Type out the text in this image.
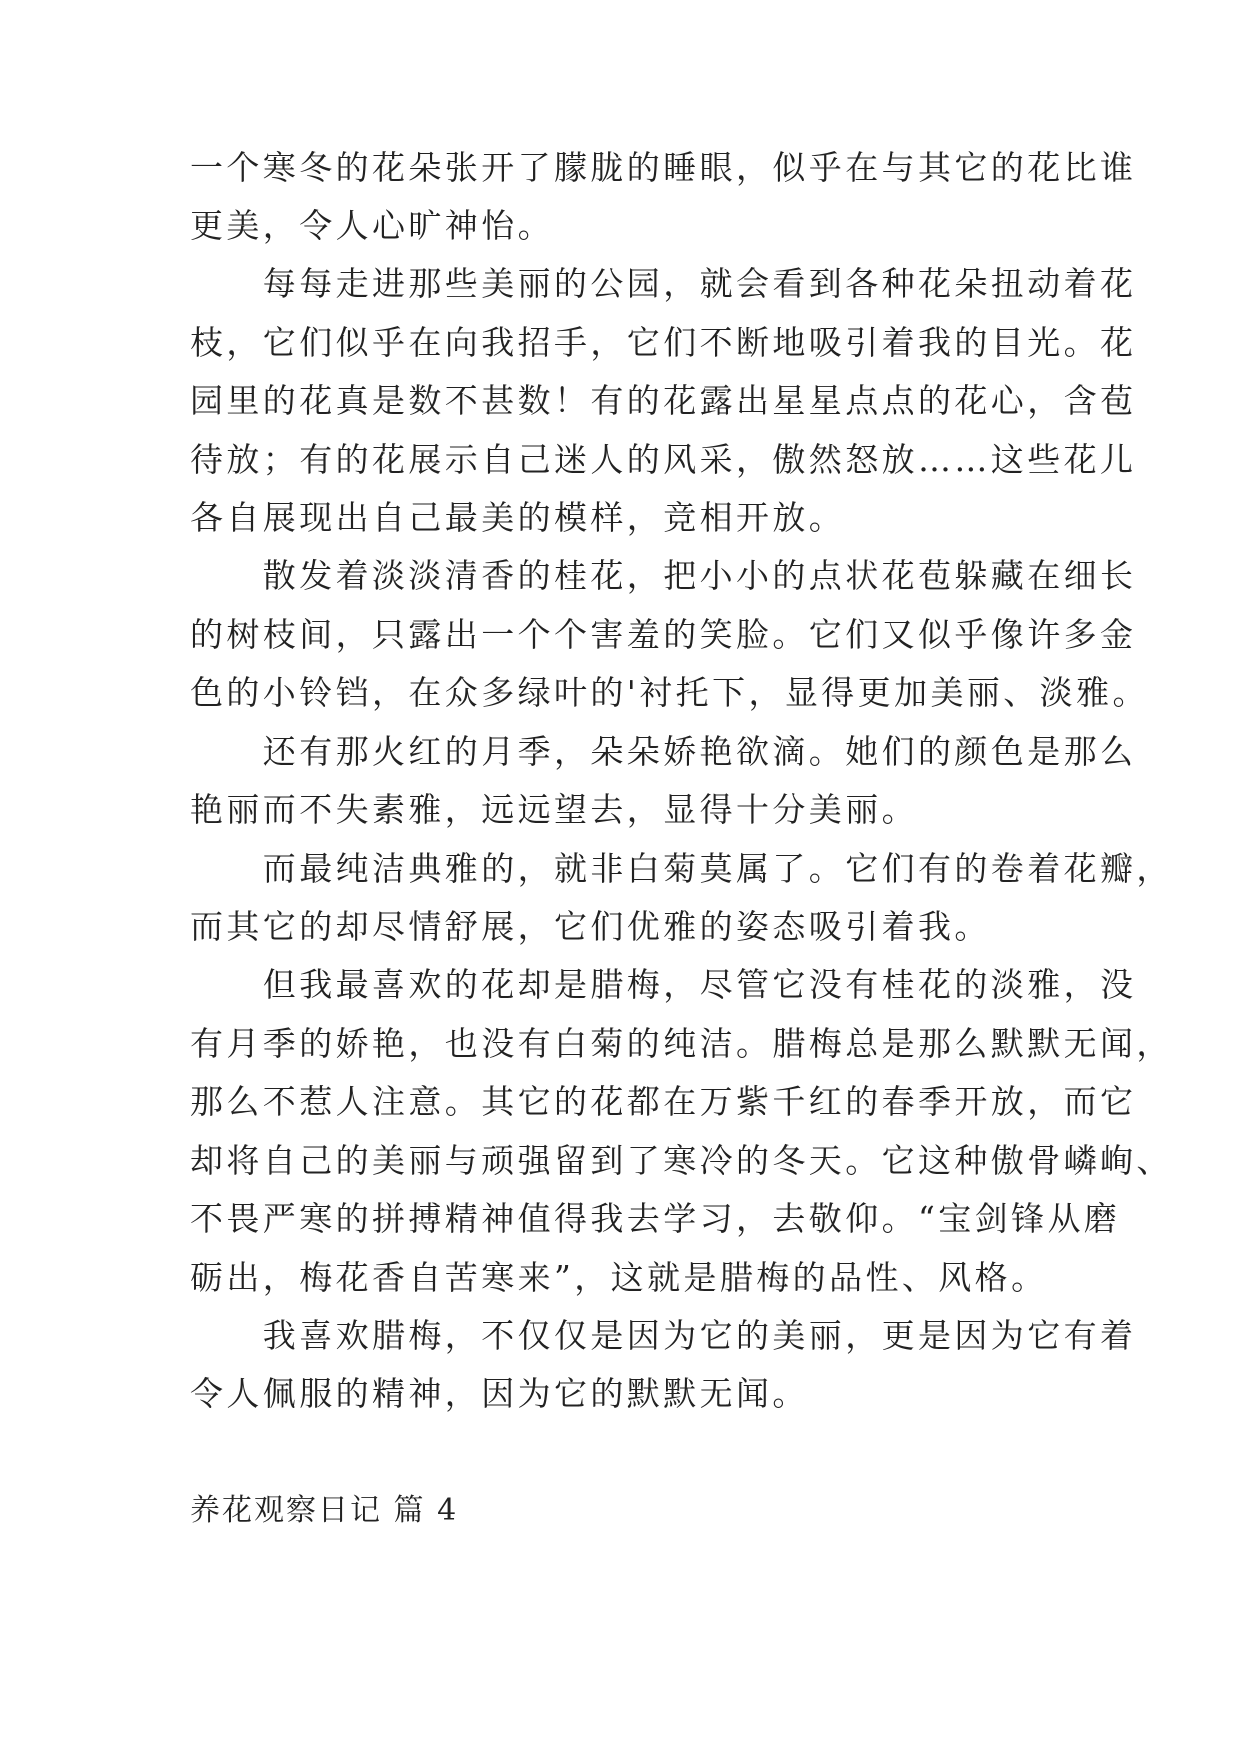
一个寒冬的花朵张开了朦胧的睡眼，似乎在与其它的花比谁
更美，令人心旷神怡。
　　每每走进那些美丽的公园，就会看到各种花朵扭动着花
枝，它们似乎在向我招手，它们不断地吸引着我的目光。花
园里的花真是数不甚数！有的花露出星星点点的花心，含苞
待放；有的花展示自己迷人的风采，傲然怒放……这些花儿
各自展现出自己最美的模样，竞相开放。
　　散发着淡淡清香的桂花，把小小的点状花苞躲藏在细长
的树枝间，只露出一个个害羞的笑脸。它们又似乎像许多金
色的小铃铛，在众多绿叶的'衬托下，显得更加美丽、淡雅。
　　还有那火红的月季，朵朵娇艳欲滴。她们的颜色是那么
艳丽而不失素雅，远远望去，显得十分美丽。
　　而最纯洁典雅的，就非白菊莫属了。它们有的卷着花瓣，
而其它的却尽情舒展，它们优雅的姿态吸引着我。
　　但我最喜欢的花却是腊梅，尽管它没有桂花的淡雅，没
有月季的娇艳，也没有白菊的纯洁。腊梅总是那么默默无闻，
那么不惹人注意。其它的花都在万紫千红的春季开放，而它
却将自己的美丽与顽强留到了寒冷的冬天。它这种傲骨嶙峋、
不畏严寒的拼搏精神值得我去学习，去敬仰。“宝剑锋从磨
砺出，梅花香自苦寒来”，这就是腊梅的品性、风格。
　　我喜欢腊梅，不仅仅是因为它的美丽，更是因为它有着
令人佩服的精神，因为它的默默无闻。
养花观察日记 篇 4
